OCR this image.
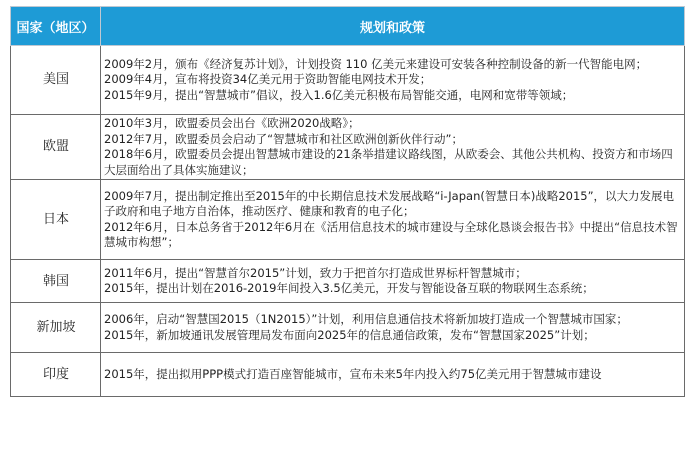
国家（地区）	规划和政策
美国	2009年2月，颁布《经济复苏计划》，计划投资 110 亿美元来建设可安装各种控制设备的新一代智能电网；
2009年4月，宣布将投资34亿美元用于资助智能电网技术开发；
2015年9月，提出“智慧城市”倡议，投入1.6亿美元积极布局智能交通，电网和宽带等领域；

欧盟	2010年3月，欧盟委员会出台《欧洲2020战略》；
2012年7月，欧盟委员会启动了“智慧城市和社区欧洲创新伙伴行动”；
2018年6月，欧盟委员会提出智慧城市建设的21条举措建议路线图，从欧委会、其他公共机构、投资方和市场四大层面给出了具体实施建议；

日本	2009年7月，提出制定推出至2015年的中长期信息技术发展战略“i-Japan(智慧日本)战略2015”，以大力发展电子政府和电子地方自治体，推动医疗、健康和教育的电子化；
2012年6月，日本总务省于2012年6月在《活用信息技术的城市建设与全球化恳谈会报告书》中提出“信息技术智慧城市构想”；

韩国	2011年6月，提出“智慧首尔2015”计划，致力于把首尔打造成世界标杆智慧城市；
2015年，提出计划在2016-2019年间投入3.5亿美元，开发与智能设备互联的物联网生态系统；

新加坡	2006年，启动“智慧国2015（1N2015）”计划，利用信息通信技术将新加坡打造成一个智慧城市国家；
2015年，新加坡通讯发展管理局发布面向2025年的信息通信政策，发布“智慧国家2025”计划；

印度	2015年，提出拟用PPP模式打造百座智能城市，宣布未来5年内投入约75亿美元用于智慧城市建设
